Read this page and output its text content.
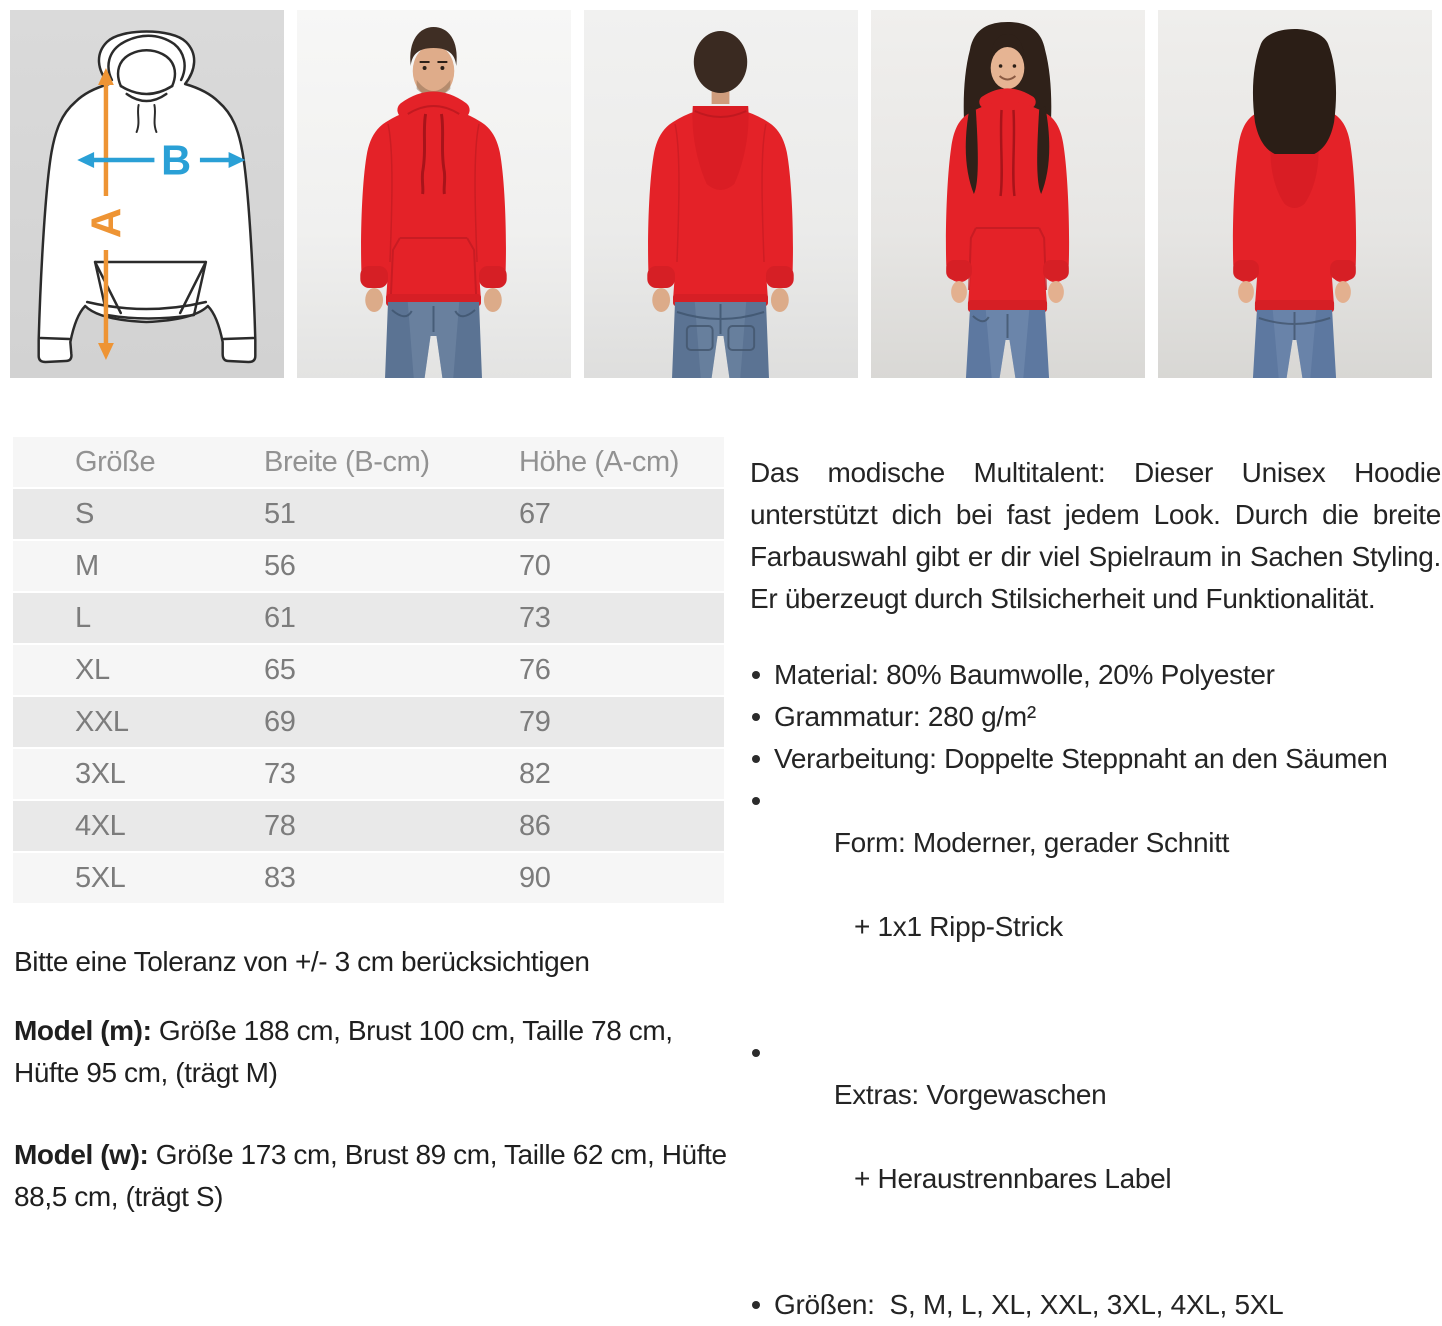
A
B
Größe	Breite (B-cm)	Höhe (A-cm)
S	51	67
M	56	70
L	61	73
XL	65	76
XXL	69	79
3XL	73	82
4XL	78	86
5XL	83	90

Bitte eine Toleranz von +/- 3 cm berücksichtigen

Model (m): Größe 188 cm, Brust 100 cm, Taille 78 cm, Hüfte 95 cm, (trägt M)

Model (w): Größe 173 cm, Brust 89 cm, Taille 62 cm, Hüfte 88,5 cm, (trägt S)

Das modische Multitalent: Dieser Unisex Hoodie unterstützt dich bei fast jedem Look. Durch die breite Farbauswahl gibt er dir viel Spielraum in Sachen Styling. Er überzeugt durch Stilsicherheit und Funktionalität.

Material: 80% Baumwolle, 20% Polyester
Grammatur: 280 g/m²
Verarbeitung: Doppelte Steppnaht an den Säumen

Form: Moderner, gerader Schnitt

+ 1x1 Ripp-Strick

Extras: Vorgewaschen

+ Heraustrennbares Label

Größen:  S, M, L, XL, XXL, 3XL, 4XL, 5XL
